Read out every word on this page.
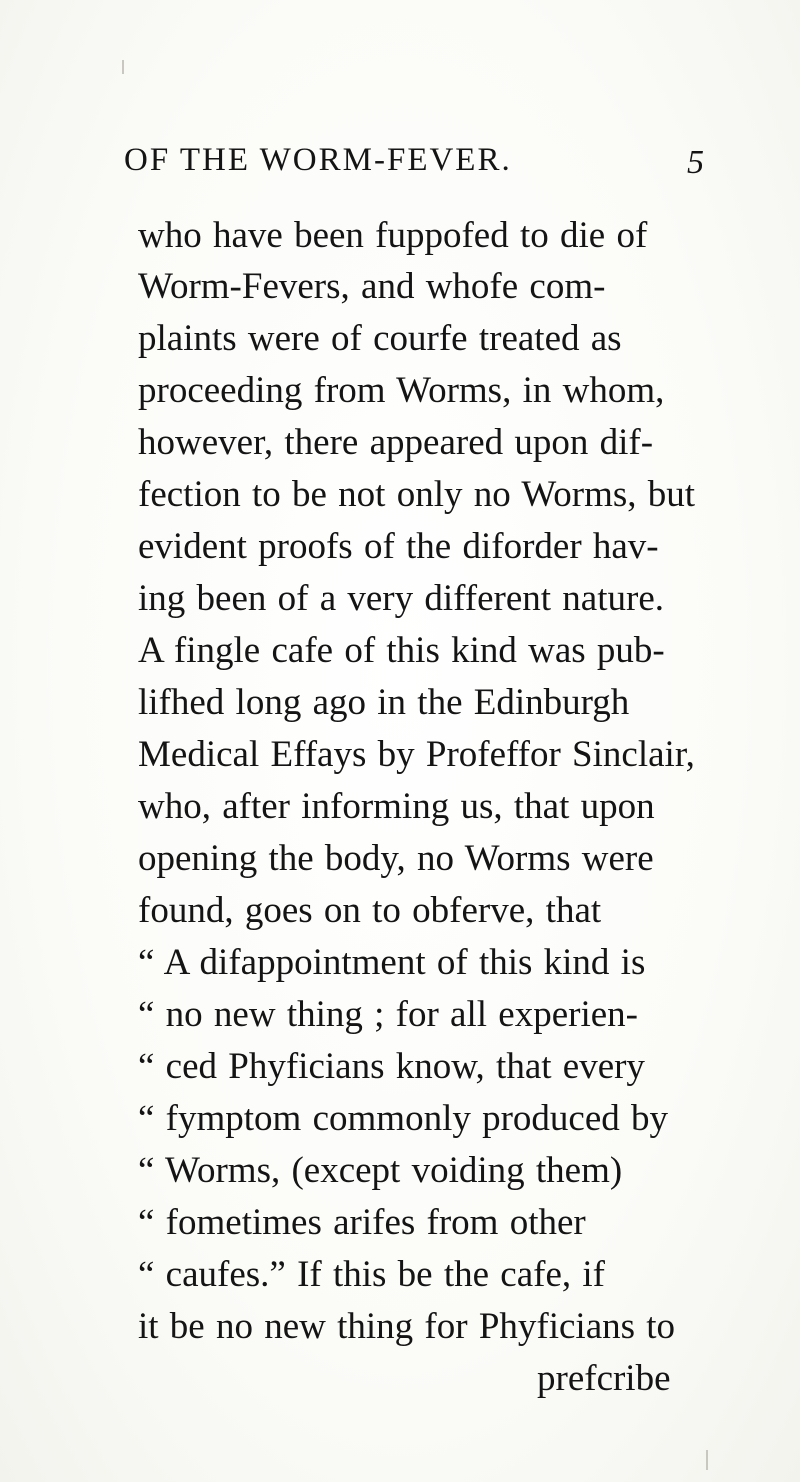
OF THE WORM-FEVER.	5
who have been fuppofed to die of
Worm-Fevers, and whofe com-
plaints were of courfe treated as
proceeding from Worms, in whom,
however, there appeared upon dif-
fection to be not only no Worms, but
evident proofs of the diforder hav-
ing been of a very different nature.
A fingle cafe of this kind was pub-
lifhed long ago in the Edinburgh
Medical Effays by Profeffor Sinclair,
who, after informing us, that upon
opening the body, no Worms were
found, goes on to obferve, that
“ A difappointment of this kind is
“ no new thing ; for all experien-
“ ced Phyficians know, that every
“ fymptom commonly produced by
“ Worms, (except voiding them)
“ fometimes arifes from other
“ caufes.” If this be the cafe, if
it be no new thing for Phyficians to
prefcribe
